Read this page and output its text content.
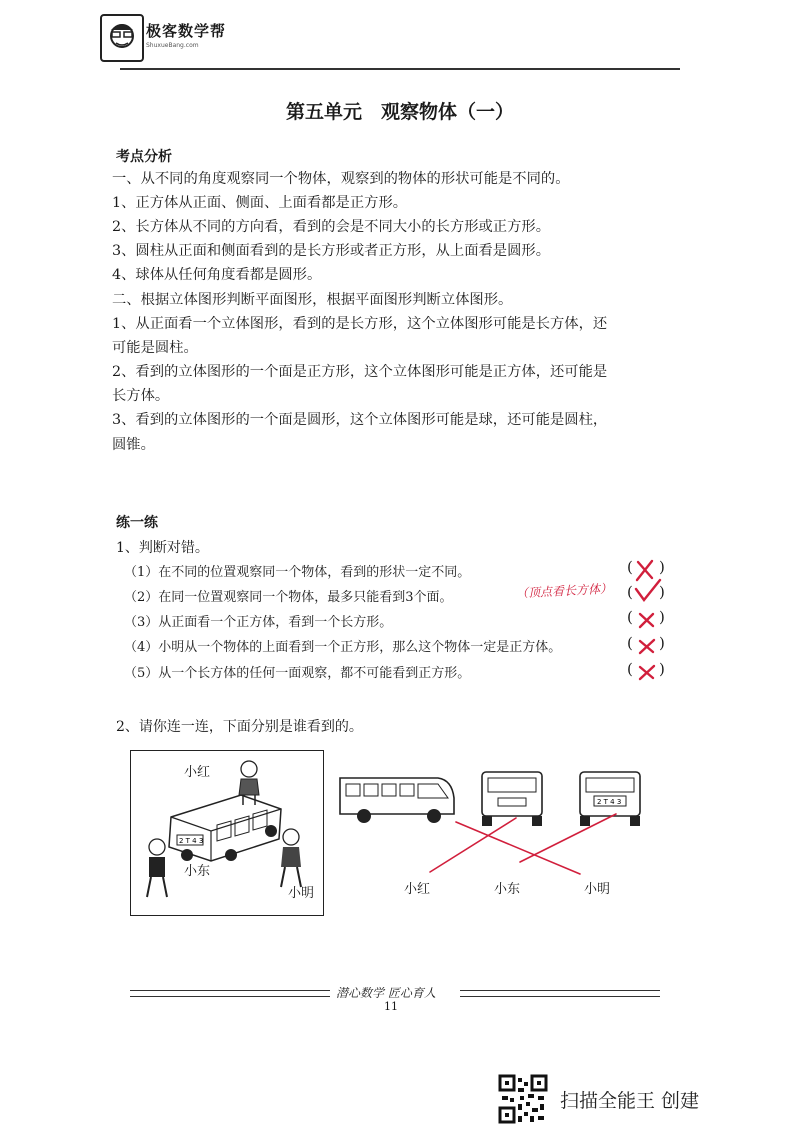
极客数学帮
ShuxueBang.com
第五单元　观察物体（一）
考点分析
一、从不同的角度观察同一个物体，观察到的物体的形状可能是不同的。
1、正方体从正面、侧面、上面看都是正方形。
2、长方体从不同的方向看，看到的会是不同大小的长方形或正方形。
3、圆柱从正面和侧面看到的是长方形或者正方形，从上面看是圆形。
4、球体从任何角度看都是圆形。
二、根据立体图形判断平面图形，根据平面图形判断立体图形。
1、从正面看一个立体图形，看到的是长方形，这个立体图形可能是长方体，还
可能是圆柱。
2、看到的立体图形的一个面是正方形，这个立体图形可能是正方体，还可能是
长方体。
3、看到的立体图形的一个面是圆形，这个立体图形可能是球，还可能是圆柱，
圆锥。
练一练
1、判断对错。
（1）在不同的位置观察同一个物体，看到的形状一定不同。
（2）在同一位置观察同一个物体，最多只能看到3个面。
（3）从正面看一个正方体，看到一个长方形。
（4）小明从一个物体的上面看到一个正方形，那么这个物体一定是正方体。
（5）从一个长方体的任何一面观察，都不可能看到正方形。
( )
( )
( )
( )
( )
（顶点看长方体）
2、请你连一连，下面分别是谁看到的。
2 T 4 3
小红
小东
小明
2 T 4 3
小红	小东	小明
潜心数学 匠心育人
11
扫描全能王 创建
